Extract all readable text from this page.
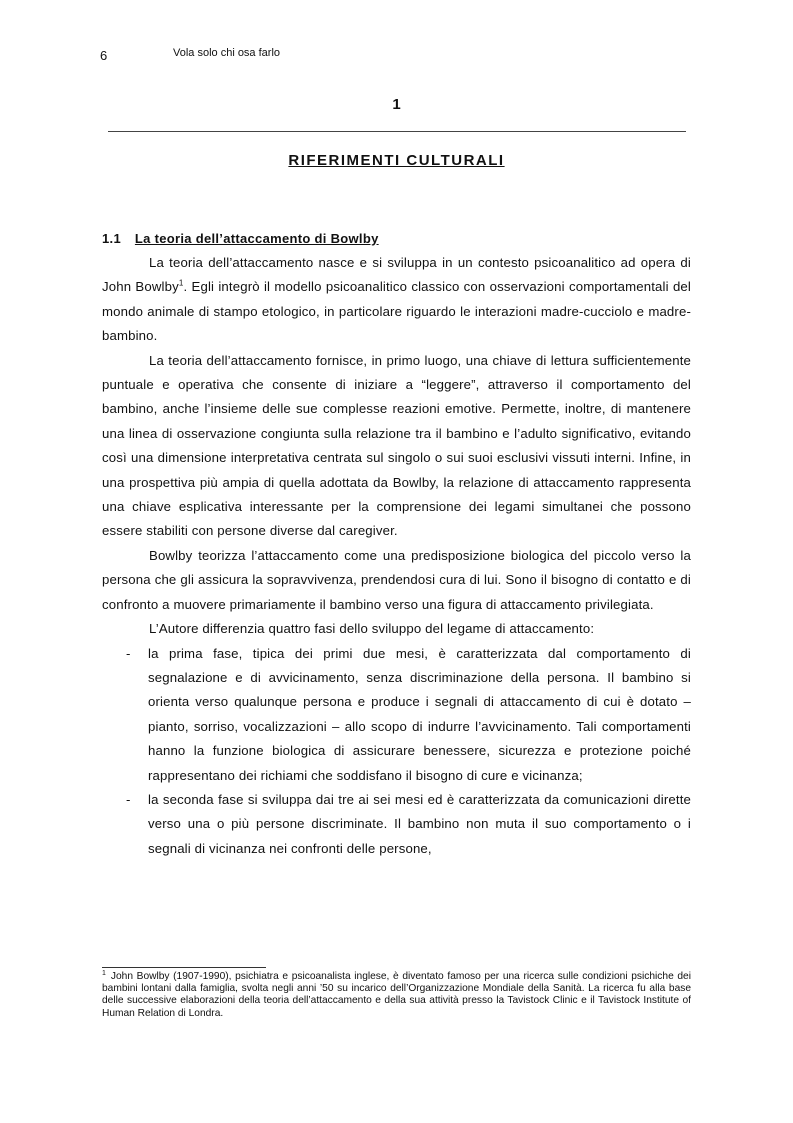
6	Vola solo chi osa farlo
1
RIFERIMENTI CULTURALI
1.1 La teoria dell’attaccamento di Bowlby

La teoria dell’attaccamento nasce e si sviluppa in un contesto psicoanalitico ad opera di John Bowlby$^1$. Egli integrò il modello psicoanalitico classico con osservazioni comportamentali del mondo animale di stampo etologico, in particolare riguardo le interazioni madre-cucciolo e madre-bambino.

La teoria dell’attaccamento fornisce, in primo luogo, una chiave di lettura sufficientemente puntuale e operativa che consente di iniziare a “leggere”, attraverso il comportamento del bambino, anche l’insieme delle sue complesse reazioni emotive. Permette, inoltre, di mantenere una linea di osservazione congiunta sulla relazione tra il bambino e l’adulto significativo, evitando così una dimensione interpretativa centrata sul singolo o sui suoi esclusivi vissuti interni. Infine, in una prospettiva più ampia di quella adottata da Bowlby, la relazione di attaccamento rappresenta una chiave esplicativa interessante per la comprensione dei legami simultanei che possono essere stabiliti con persone diverse dal caregiver.

Bowlby teorizza l’attaccamento come una predisposizione biologica del piccolo verso la persona che gli assicura la sopravvivenza, prendendosi cura di lui. Sono il bisogno di contatto e di confronto a muovere primariamente il bambino verso una figura di attaccamento privilegiata.

L’Autore differenzia quattro fasi dello sviluppo del legame di attaccamento:

- la prima fase, tipica dei primi due mesi, è caratterizzata dal comportamento di segnalazione e di avvicinamento, senza discriminazione della persona. Il bambino si orienta verso qualunque persona e produce i segnali di attaccamento di cui è dotato – pianto, sorriso, vocalizzazioni – allo scopo di indurre l’avvicinamento. Tali comportamenti hanno la funzione biologica di assicurare benessere, sicurezza e protezione poiché rappresentano dei richiami che soddisfano il bisogno di cure e vicinanza;
- la seconda fase si sviluppa dai tre ai sei mesi ed è caratterizzata da comunicazioni dirette verso una o più persone discriminate. Il bambino non muta il suo comportamento o i segnali di vicinanza nei confronti delle persone,
$^1$ John Bowlby (1907-1990), psichiatra e psicoanalista inglese, è diventato famoso per una ricerca sulle condizioni psichiche dei bambini lontani dalla famiglia, svolta negli anni ’50 su incarico dell’Organizzazione Mondiale della Sanità. La ricerca fu alla base delle successive elaborazioni della teoria dell’attaccamento e della sua attività presso la Tavistock Clinic e il Tavistock Institute of Human Relation di Londra.
